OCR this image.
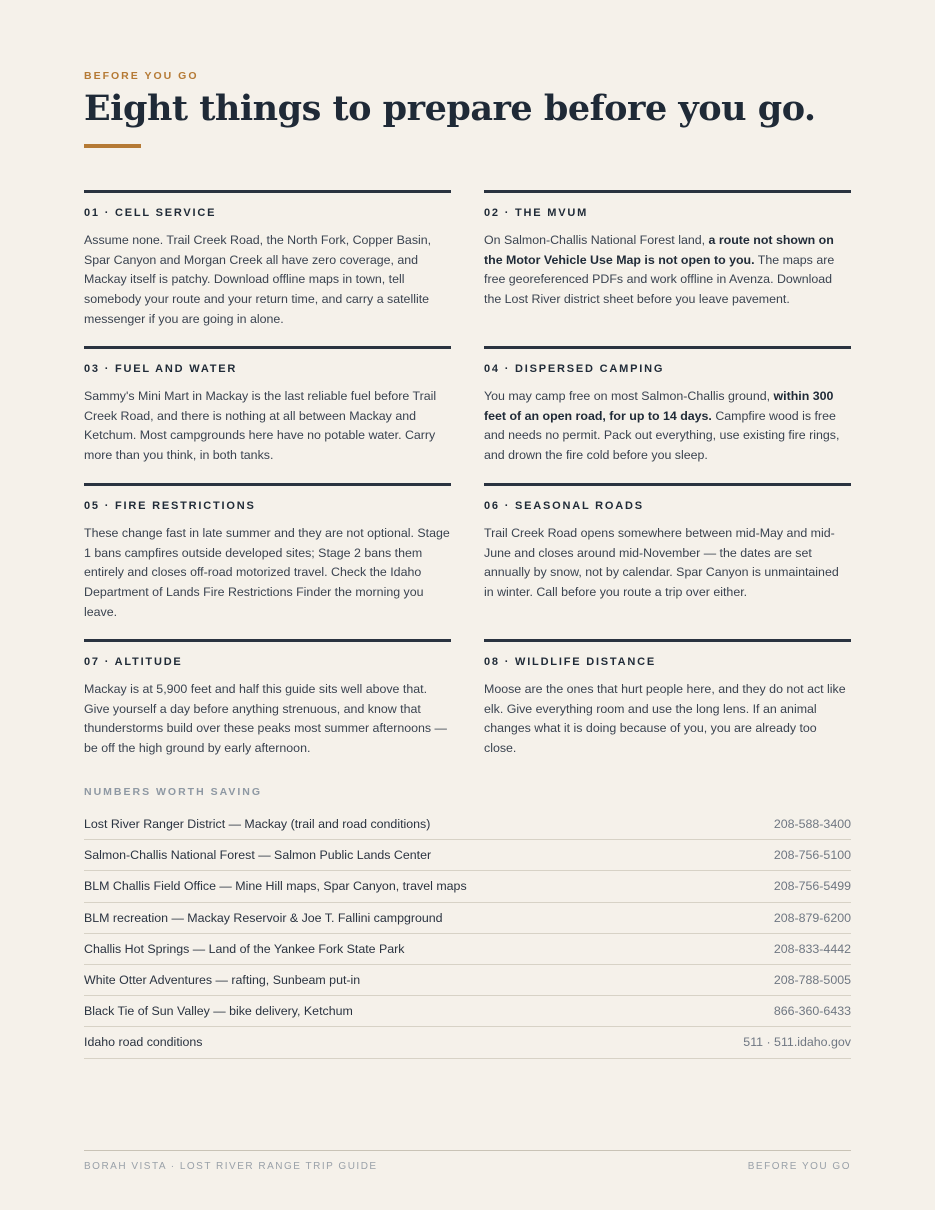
BEFORE YOU GO
Eight things to prepare before you go.
01 · CELL SERVICE
Assume none. Trail Creek Road, the North Fork, Copper Basin, Spar Canyon and Morgan Creek all have zero coverage, and Mackay itself is patchy. Download offline maps in town, tell somebody your route and your return time, and carry a satellite messenger if you are going in alone.
02 · THE MVUM
On Salmon-Challis National Forest land, a route not shown on the Motor Vehicle Use Map is not open to you. The maps are free georeferenced PDFs and work offline in Avenza. Download the Lost River district sheet before you leave pavement.
03 · FUEL AND WATER
Sammy's Mini Mart in Mackay is the last reliable fuel before Trail Creek Road, and there is nothing at all between Mackay and Ketchum. Most campgrounds here have no potable water. Carry more than you think, in both tanks.
04 · DISPERSED CAMPING
You may camp free on most Salmon-Challis ground, within 300 feet of an open road, for up to 14 days. Campfire wood is free and needs no permit. Pack out everything, use existing fire rings, and drown the fire cold before you sleep.
05 · FIRE RESTRICTIONS
These change fast in late summer and they are not optional. Stage 1 bans campfires outside developed sites; Stage 2 bans them entirely and closes off-road motorized travel. Check the Idaho Department of Lands Fire Restrictions Finder the morning you leave.
06 · SEASONAL ROADS
Trail Creek Road opens somewhere between mid-May and mid-June and closes around mid-November — the dates are set annually by snow, not by calendar. Spar Canyon is unmaintained in winter. Call before you route a trip over either.
07 · ALTITUDE
Mackay is at 5,900 feet and half this guide sits well above that. Give yourself a day before anything strenuous, and know that thunderstorms build over these peaks most summer afternoons — be off the high ground by early afternoon.
08 · WILDLIFE DISTANCE
Moose are the ones that hurt people here, and they do not act like elk. Give everything room and use the long lens. If an animal changes what it is doing because of you, you are already too close.
NUMBERS WORTH SAVING
Lost River Ranger District — Mackay (trail and road conditions)	208-588-3400
Salmon-Challis National Forest — Salmon Public Lands Center	208-756-5100
BLM Challis Field Office — Mine Hill maps, Spar Canyon, travel maps	208-756-5499
BLM recreation — Mackay Reservoir & Joe T. Fallini campground	208-879-6200
Challis Hot Springs — Land of the Yankee Fork State Park	208-833-4442
White Otter Adventures — rafting, Sunbeam put-in	208-788-5005
Black Tie of Sun Valley — bike delivery, Ketchum	866-360-6433
Idaho road conditions	511 · 511.idaho.gov
BORAH VISTA · LOST RIVER RANGE TRIP GUIDE	BEFORE YOU GO
